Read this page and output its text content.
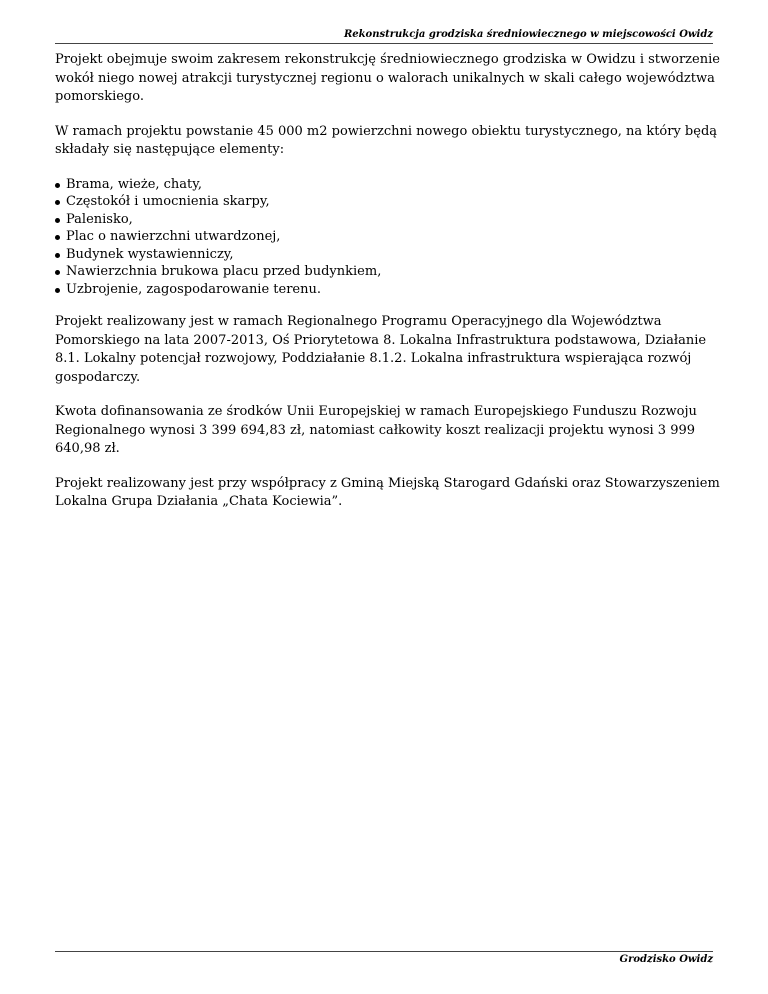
Rekonstrukcja grodziska średniowiecznego w miejscowości Owidz

Projekt obejmuje swoim zakresem rekonstrukcję średniowiecznego grodziska w Owidzu i stworzenie wokół niego nowej atrakcji turystycznej regionu o walorach unikalnych w skali całego województwa pomorskiego.

W ramach projektu powstanie 45 000 m2 powierzchni nowego obiektu turystycznego, na który będą składały się następujące elementy:

Brama, wieże, chaty,
Częstokół i umocnienia skarpy,
Palenisko,
Plac o nawierzchni utwardzonej,
Budynek wystawienniczy,
Nawierzchnia brukowa placu przed budynkiem,
Uzbrojenie, zagospodarowanie terenu.

Projekt realizowany jest w ramach Regionalnego Programu Operacyjnego dla Województwa Pomorskiego na lata 2007-2013, Oś Priorytetowa 8. Lokalna Infrastruktura podstawowa, Działanie 8.1. Lokalny potencjał rozwojowy, Poddziałanie 8.1.2. Lokalna infrastruktura wspierająca rozwój gospodarczy.

Kwota dofinansowania ze środków Unii Europejskiej w ramach Europejskiego Funduszu Rozwoju Regionalnego wynosi 3 399 694,83 zł, natomiast całkowity koszt realizacji projektu wynosi 3 999 640,98 zł.

Projekt realizowany jest przy współpracy z Gminą Miejską Starogard Gdański oraz Stowarzyszeniem Lokalna Grupa Działania „Chata Kociewia”.

Grodzisko Owidz
